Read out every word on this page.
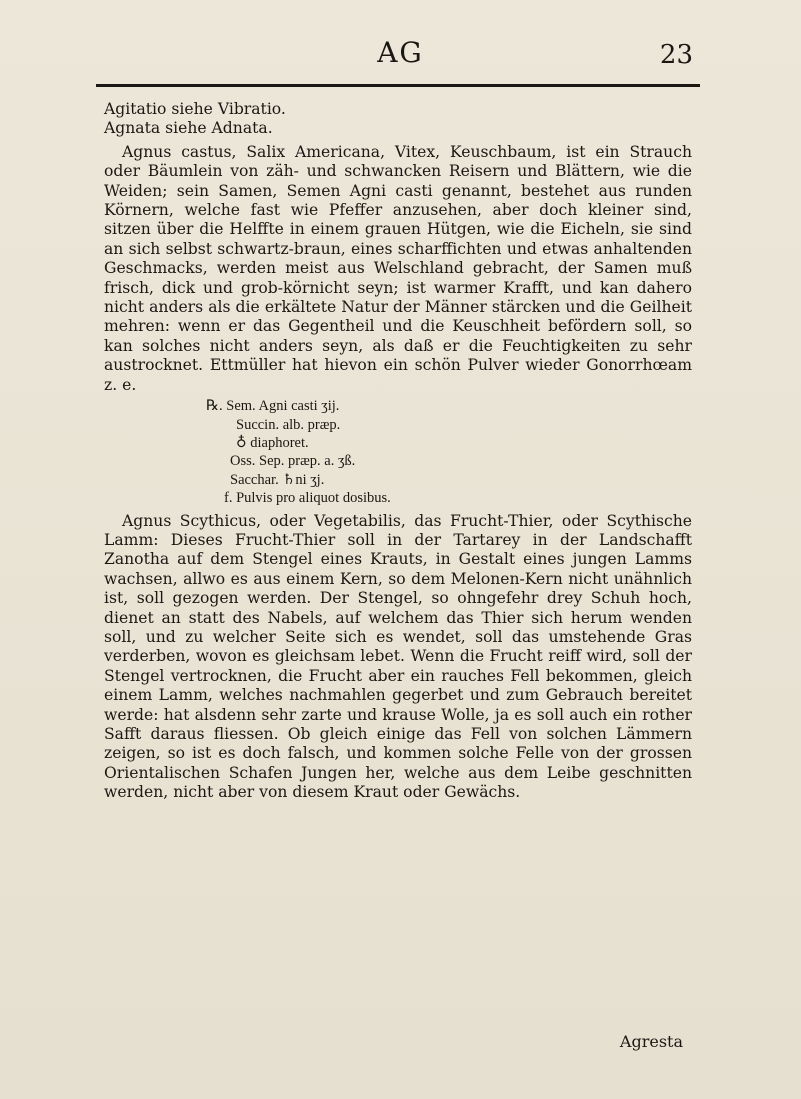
AG	23

Agitatio siehe Vibratio.

Agnata siehe Adnata.

Agnus castus, Salix Americana, Vitex, Keuschbaum, ist ein Strauch oder Bäumlein von zäh- und schwancken Reisern und Blättern, wie die Weiden; sein Samen, Semen Agni casti genannt, bestehet aus runden Körnern, welche fast wie Pfeffer anzusehen, aber doch kleiner sind, sitzen über die Helffte in einem grauen Hütgen, wie die Eicheln, sie sind an sich selbst schwartz-braun, eines scharffichten und etwas anhaltenden Geschmacks, werden meist aus Welschland gebracht, der Samen muß frisch, dick und grob-körnicht seyn; ist warmer Krafft, und kan dahero nicht anders als die erkältete Natur der Männer stärcken und die Geilheit mehren: wenn er das Gegentheil und die Keuschheit befördern soll, so kan solches nicht anders seyn, als daß er die Feuchtigkeiten zu sehr austrocknet. Ettmüller hat hievon ein schön Pulver wieder Gonorrhœam z. e.

℞. Sem. Agni casti ʒij.
Succin. alb. præp.
♁ diaphoret.
Oss. Sep. præp. a. ʒß.
Sacchar. ♄ni ʒj.
f. Pulvis pro aliquot dosibus.

Agnus Scythicus, oder Vegetabilis, das Frucht-Thier, oder Scythische Lamm: Dieses Frucht-Thier soll in der Tartarey in der Landschafft Zanotha auf dem Stengel eines Krauts, in Gestalt eines jungen Lamms wachsen, allwo es aus einem Kern, so dem Melonen-Kern nicht unähnlich ist, soll gezogen werden. Der Stengel, so ohngefehr drey Schuh hoch, dienet an statt des Nabels, auf welchem das Thier sich herum wenden soll, und zu welcher Seite sich es wendet, soll das umstehende Gras verderben, wovon es gleichsam lebet. Wenn die Frucht reiff wird, soll der Stengel vertrocknen, die Frucht aber ein rauches Fell bekommen, gleich einem Lamm, welches nachmahlen gegerbet und zum Gebrauch bereitet werde: hat alsdenn sehr zarte und krause Wolle, ja es soll auch ein rother Safft daraus fliessen. Ob gleich einige das Fell von solchen Lämmern zeigen, so ist es doch falsch, und kommen solche Felle von der grossen Orientalischen Schafen Jungen her, welche aus dem Leibe geschnitten werden, nicht aber von diesem Kraut oder Gewächs.

Agresta
